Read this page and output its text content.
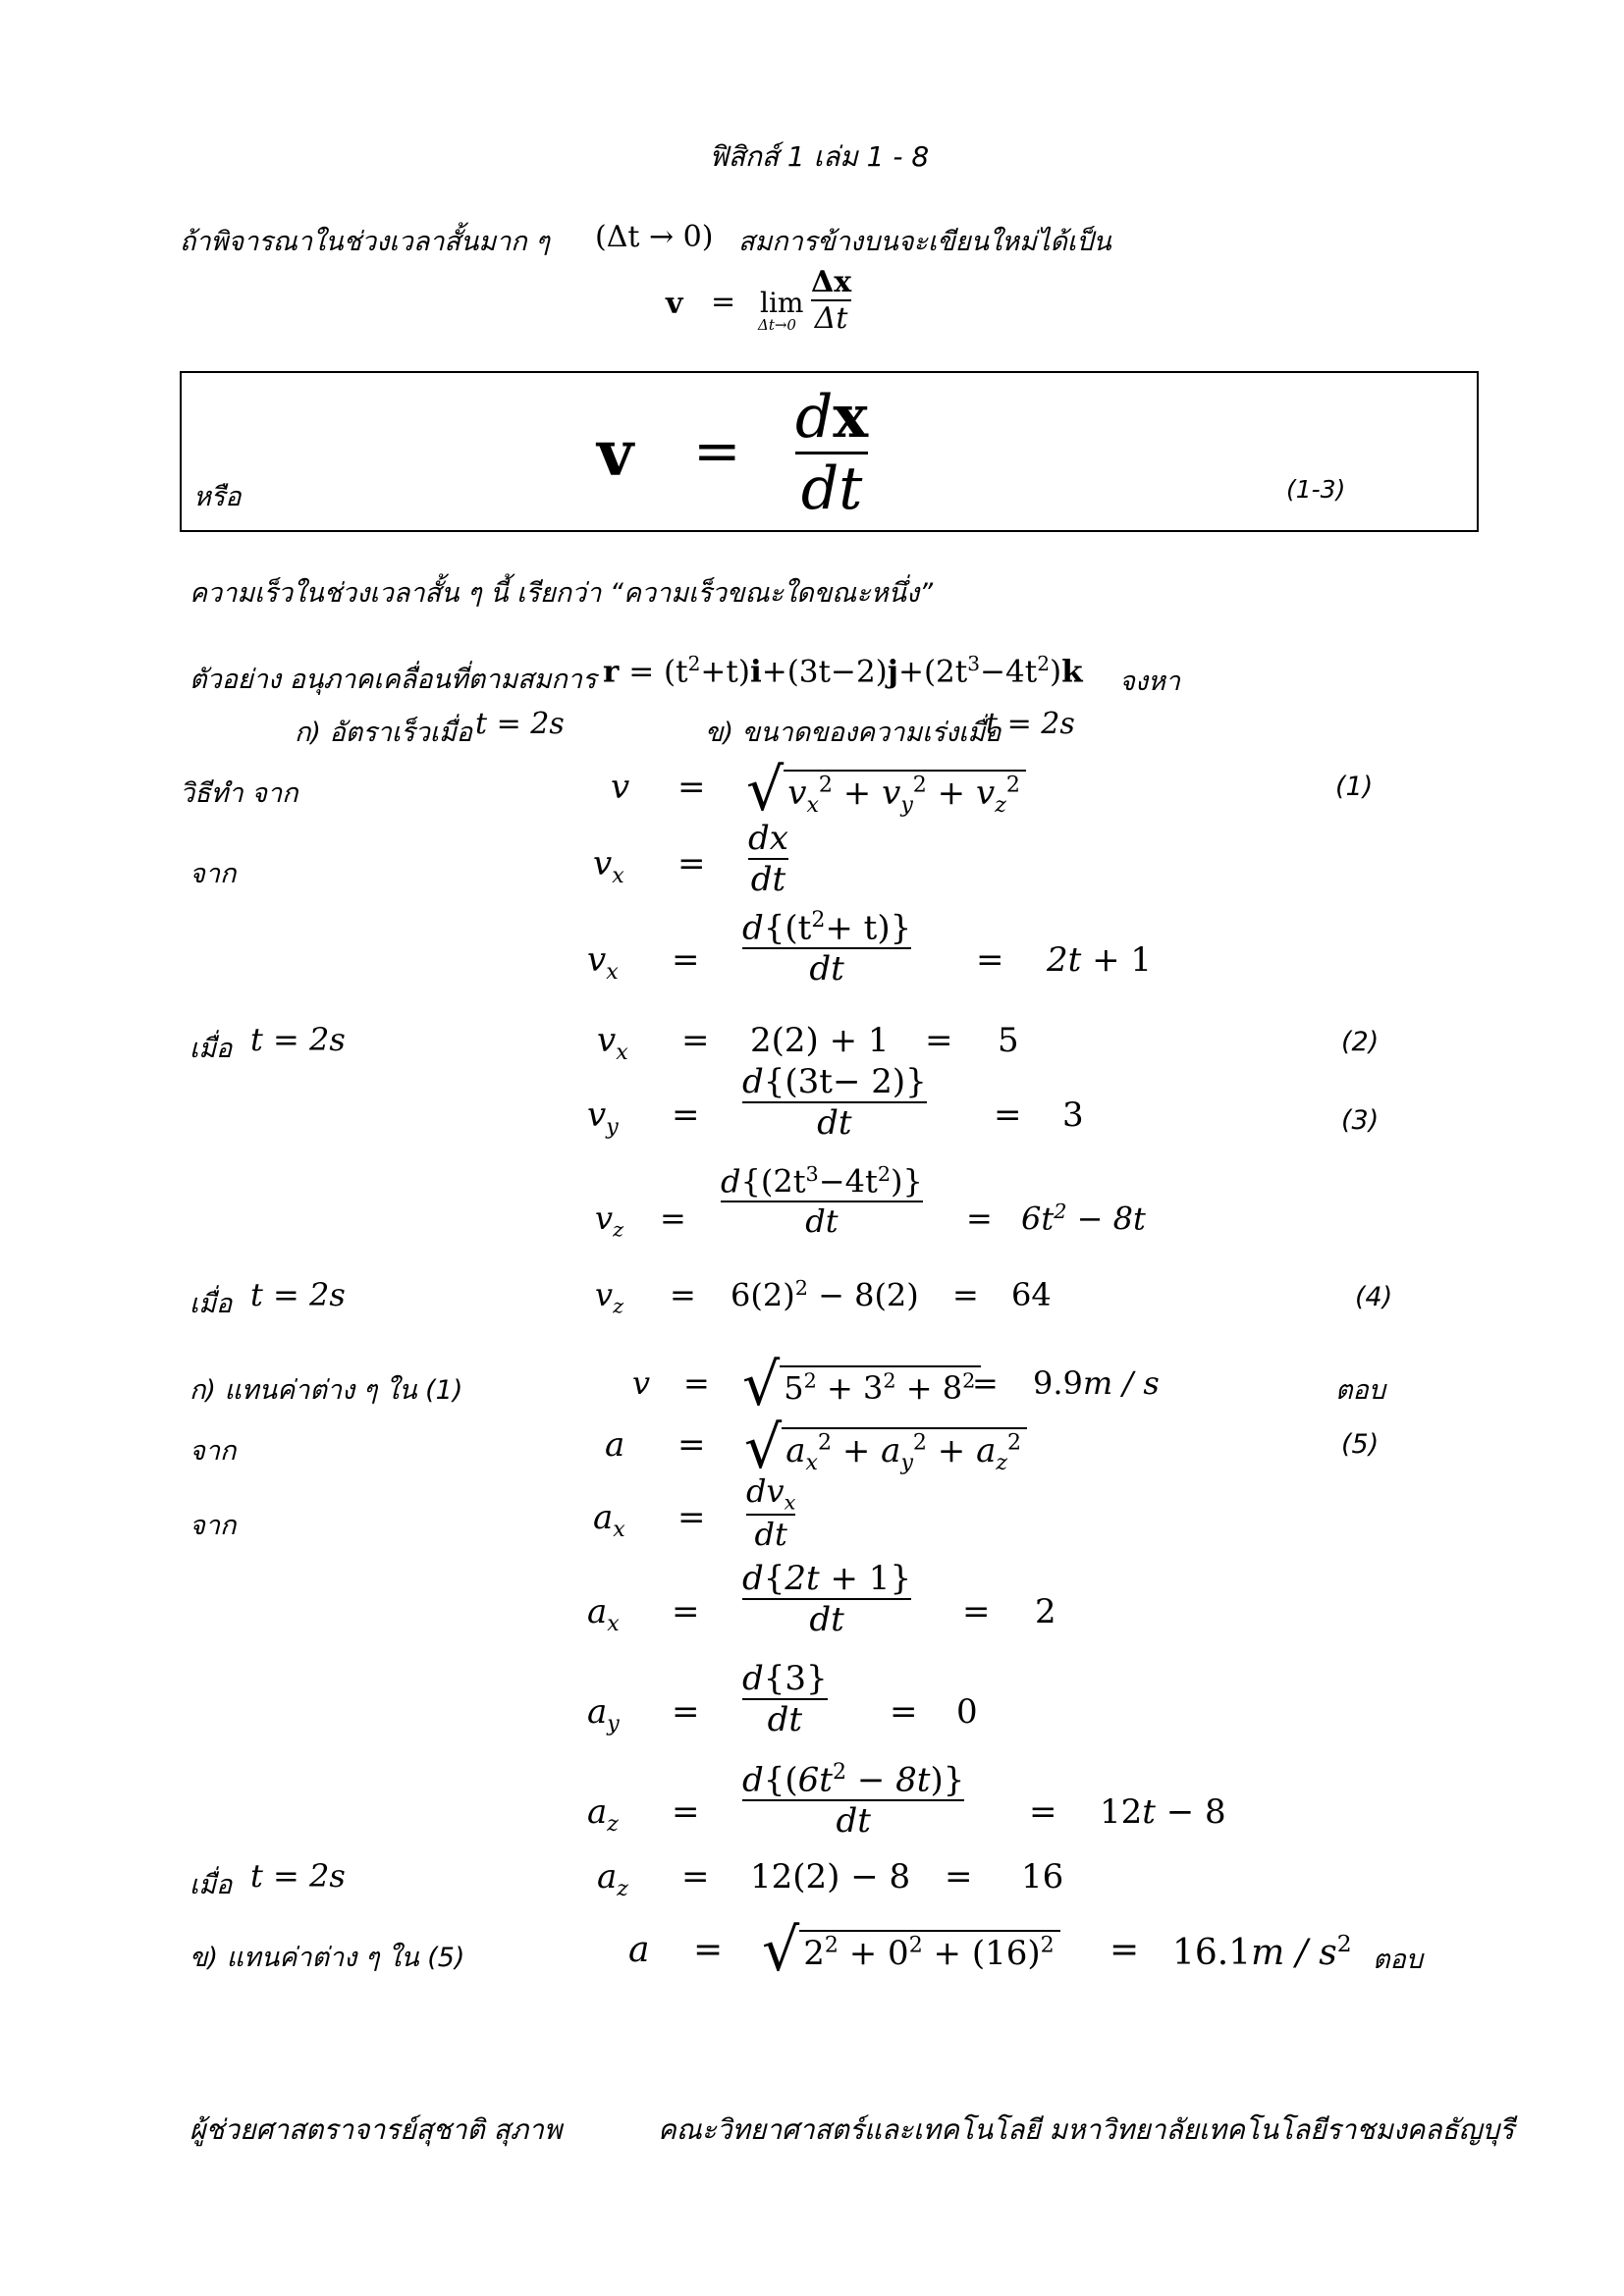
ฟิสิกส์ 1 เล่ม 1 - 8
ถ้าพิจารณาในช่วงเวลาสั้นมาก ๆ (Δt → 0) สมการข้างบนจะเขียนใหม่ได้เป็น
v = lim
Δt→0
Δx
Δt
หรือ
v = dx
dt	(1-3)
ความเร็วในช่วงเวลาสั้น ๆ นี้ เรียกว่า “ความเร็วขณะใดขณะหนึ่ง”
ตัวอย่าง อนุภาคเคลื่อนที่ตามสมการ $r = (t^2+t)i+(3t-2)j+(2t^3-4t^2)k$ จงหา
ก) อัตราเร็วเมื่อ t = 2s	ข) ขนาดของความเร่งเมื่อ
t = 2s
วิธีทำ จาก	v = √ $v_x^2 + v_y^2 + v_z^2$	(1)
จาก	$v_x$ =
dx
dt
$v_x$ =
$d\{(t^2+ t)\}$
dt	= 2t + 1
เมื่อ t = 2s	$v_x = 2(2) + 1 = 5$	(2)
$v_y$ =
d{(3t− 2)}
dt	= 3	(3)
$v_z$ =
$d\{(2t^3-4t^2)\}$
dt	= $6t^2 - 8t$
เมื่อ t = 2s	$v_z = 6(2)^2 - 8(2) = 64$	(4)
ก) แทนค่าต่าง ๆ ใน (1)	v = √ $5^2 + 3^2 + 8^2$
= 9.9m / s	ตอบ
จาก	a = √ $a_x^2 + a_y^2 + a_z^2$	(5)
จาก	$a_x$ =
$dv_x$
dt
$a_x$ =
d{2t + 1}
dt	= 2
$a_y$ =
d{3}
dt	= 0
$a_z$ =
$d\{(6t^2 - 8t)\}$
dt	= 12t − 8
เมื่อ t = 2s	$a_z = 12(2) - 8 = 16$
ข) แทนค่าต่าง ๆ ใน (5)	a = √ $2^2 + 0^2 + (16)^2 = 16.1m / s^2$
ตอบ
ผู้ช่วยศาสตราจารย์สุชาติ สุภาพ	คณะวิทยาศาสตร์และเทคโนโลยี มหาวิทยาลัยเทคโนโลยีราชมงคลธัญบุรี
